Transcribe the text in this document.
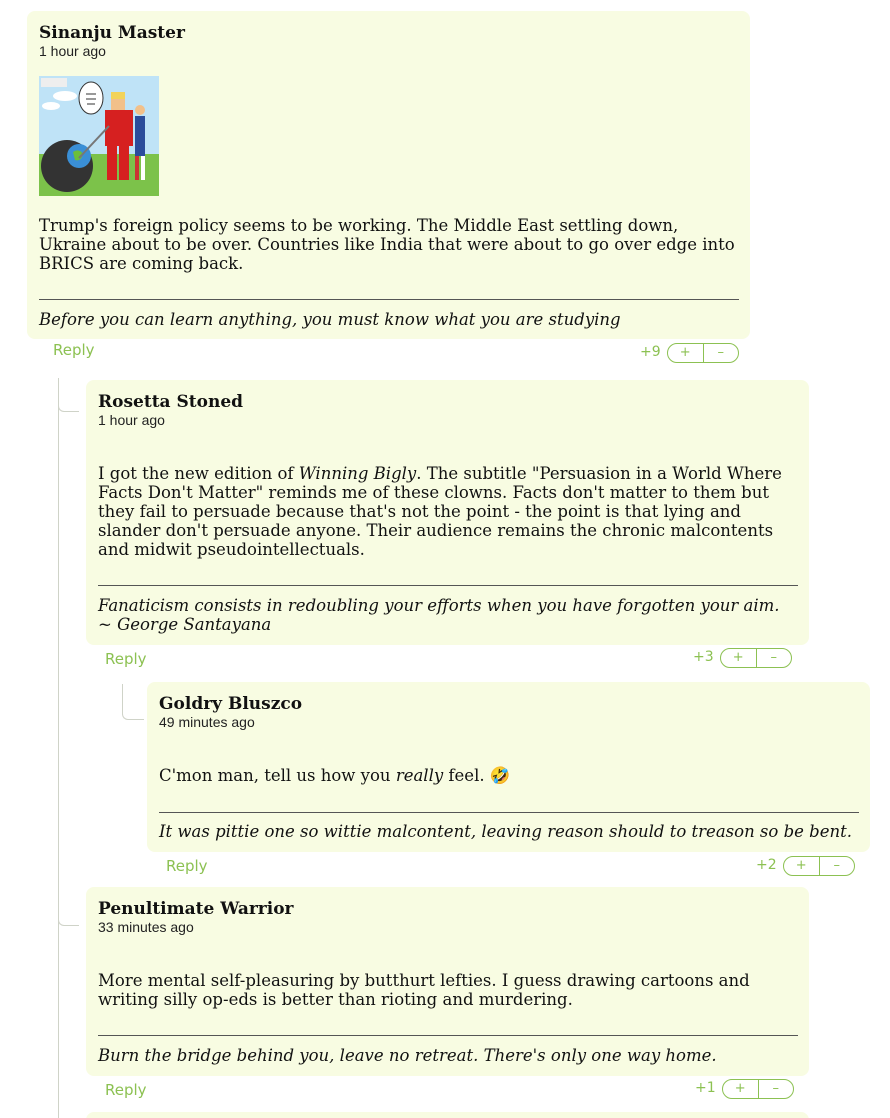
Sinanju Master

1 hour ago

Trump's foreign policy seems to be working. The Middle East settling down, Ukraine about to be over. Countries like India that were about to go over edge into BRICS are coming back.

Before you can learn anything, you must know what you are studying

Reply	+9	+	–

Rosetta Stoned

1 hour ago

I got the new edition of Winning Bigly. The subtitle "Persuasion in a World Where Facts Don't Matter" reminds me of these clowns. Facts don't matter to them but they fail to persuade because that's not the point - the point is that lying and slander don't persuade anyone. Their audience remains the chronic malcontents and midwit pseudointellectuals.

Fanaticism consists in redoubling your efforts when you have forgotten your aim. ~ George Santayana

Reply	+3	+	–

Goldry Bluszco

49 minutes ago

C'mon man, tell us how you really feel. 🤣

It was pittie one so wittie malcontent, leaving reason should to treason so be bent.

Reply	+2	+	–

Penultimate Warrior

33 minutes ago

More mental self-pleasuring by butthurt lefties. I guess drawing cartoons and writing silly op-eds is better than rioting and murdering.

Burn the bridge behind you, leave no retreat. There's only one way home.

Reply	+1	+	–
